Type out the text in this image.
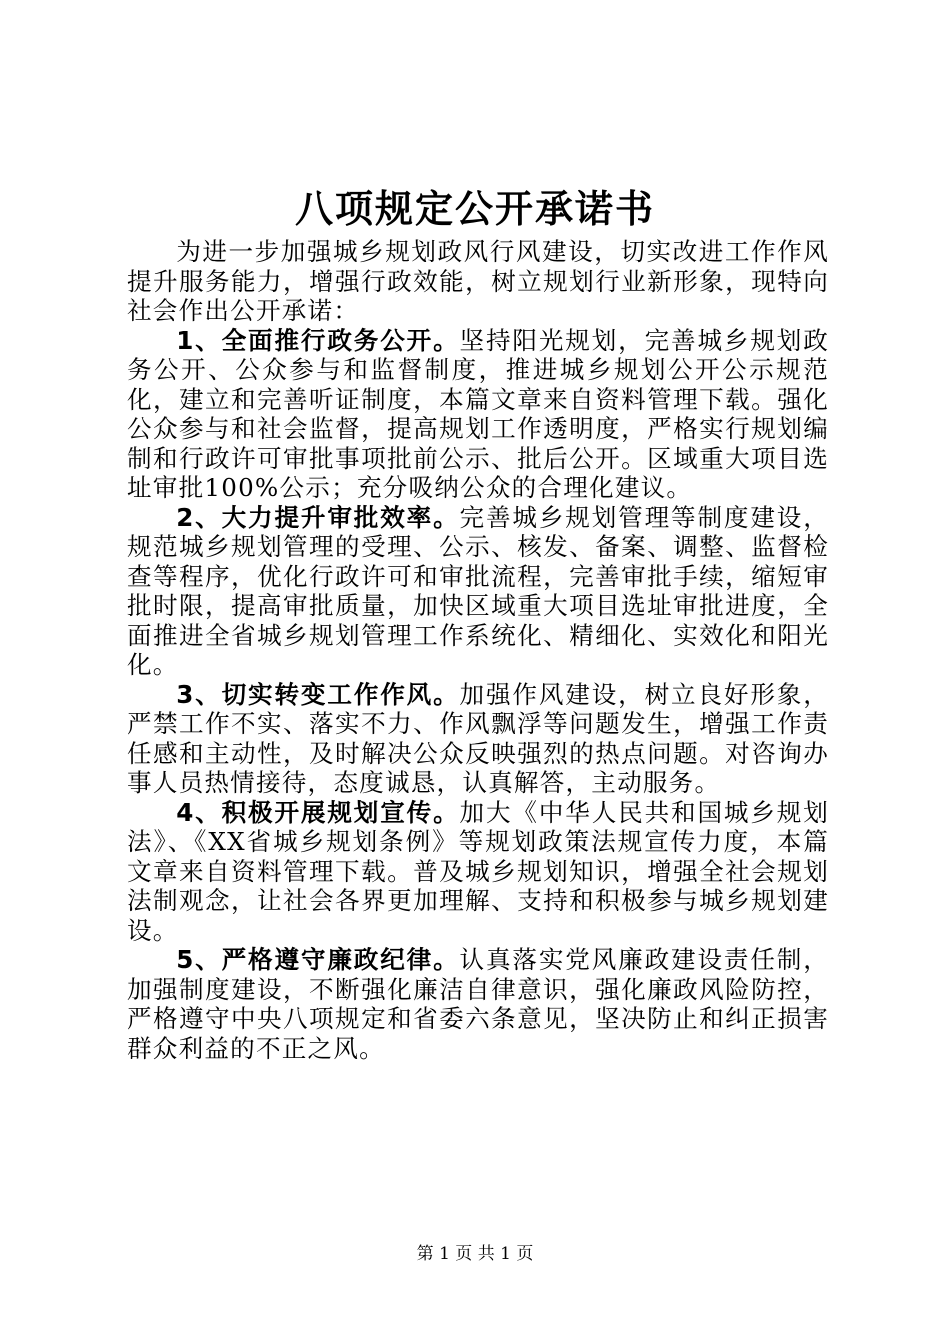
八项规定公开承诺书

为进一步加强城乡规划政风行风建设，切实改进工作作风提升服务能力，增强行政效能，树立规划行业新形象，现特向社会作出公开承诺：

1、全面推行政务公开。坚持阳光规划，完善城乡规划政务公开、公众参与和监督制度，推进城乡规划公开公示规范化，建立和完善听证制度，本篇文章来自资料管理下载。强化公众参与和社会监督，提高规划工作透明度，严格实行规划编制和行政许可审批事项批前公示、批后公开。区域重大项目选址审批100%公示；充分吸纳公众的合理化建议。

2、大力提升审批效率。完善城乡规划管理等制度建设，规范城乡规划管理的受理、公示、核发、备案、调整、监督检查等程序，优化行政许可和审批流程，完善审批手续，缩短审批时限，提高审批质量，加快区域重大项目选址审批进度，全面推进全省城乡规划管理工作系统化、精细化、实效化和阳光化。

3、切实转变工作作风。加强作风建设，树立良好形象，严禁工作不实、落实不力、作风飘浮等问题发生，增强工作责任感和主动性，及时解决公众反映强烈的热点问题。对咨询办事人员热情接待，态度诚恳，认真解答，主动服务。

4、积极开展规划宣传。加大《中华人民共和国城乡规划法》、《XX省城乡规划条例》等规划政策法规宣传力度，本篇文章来自资料管理下载。普及城乡规划知识，增强全社会规划法制观念，让社会各界更加理解、支持和积极参与城乡规划建设。

5、严格遵守廉政纪律。认真落实党风廉政建设责任制，加强制度建设，不断强化廉洁自律意识，强化廉政风险防控，严格遵守中央八项规定和省委六条意见，坚决防止和纠正损害群众利益的不正之风。

第 1 页 共 1 页
